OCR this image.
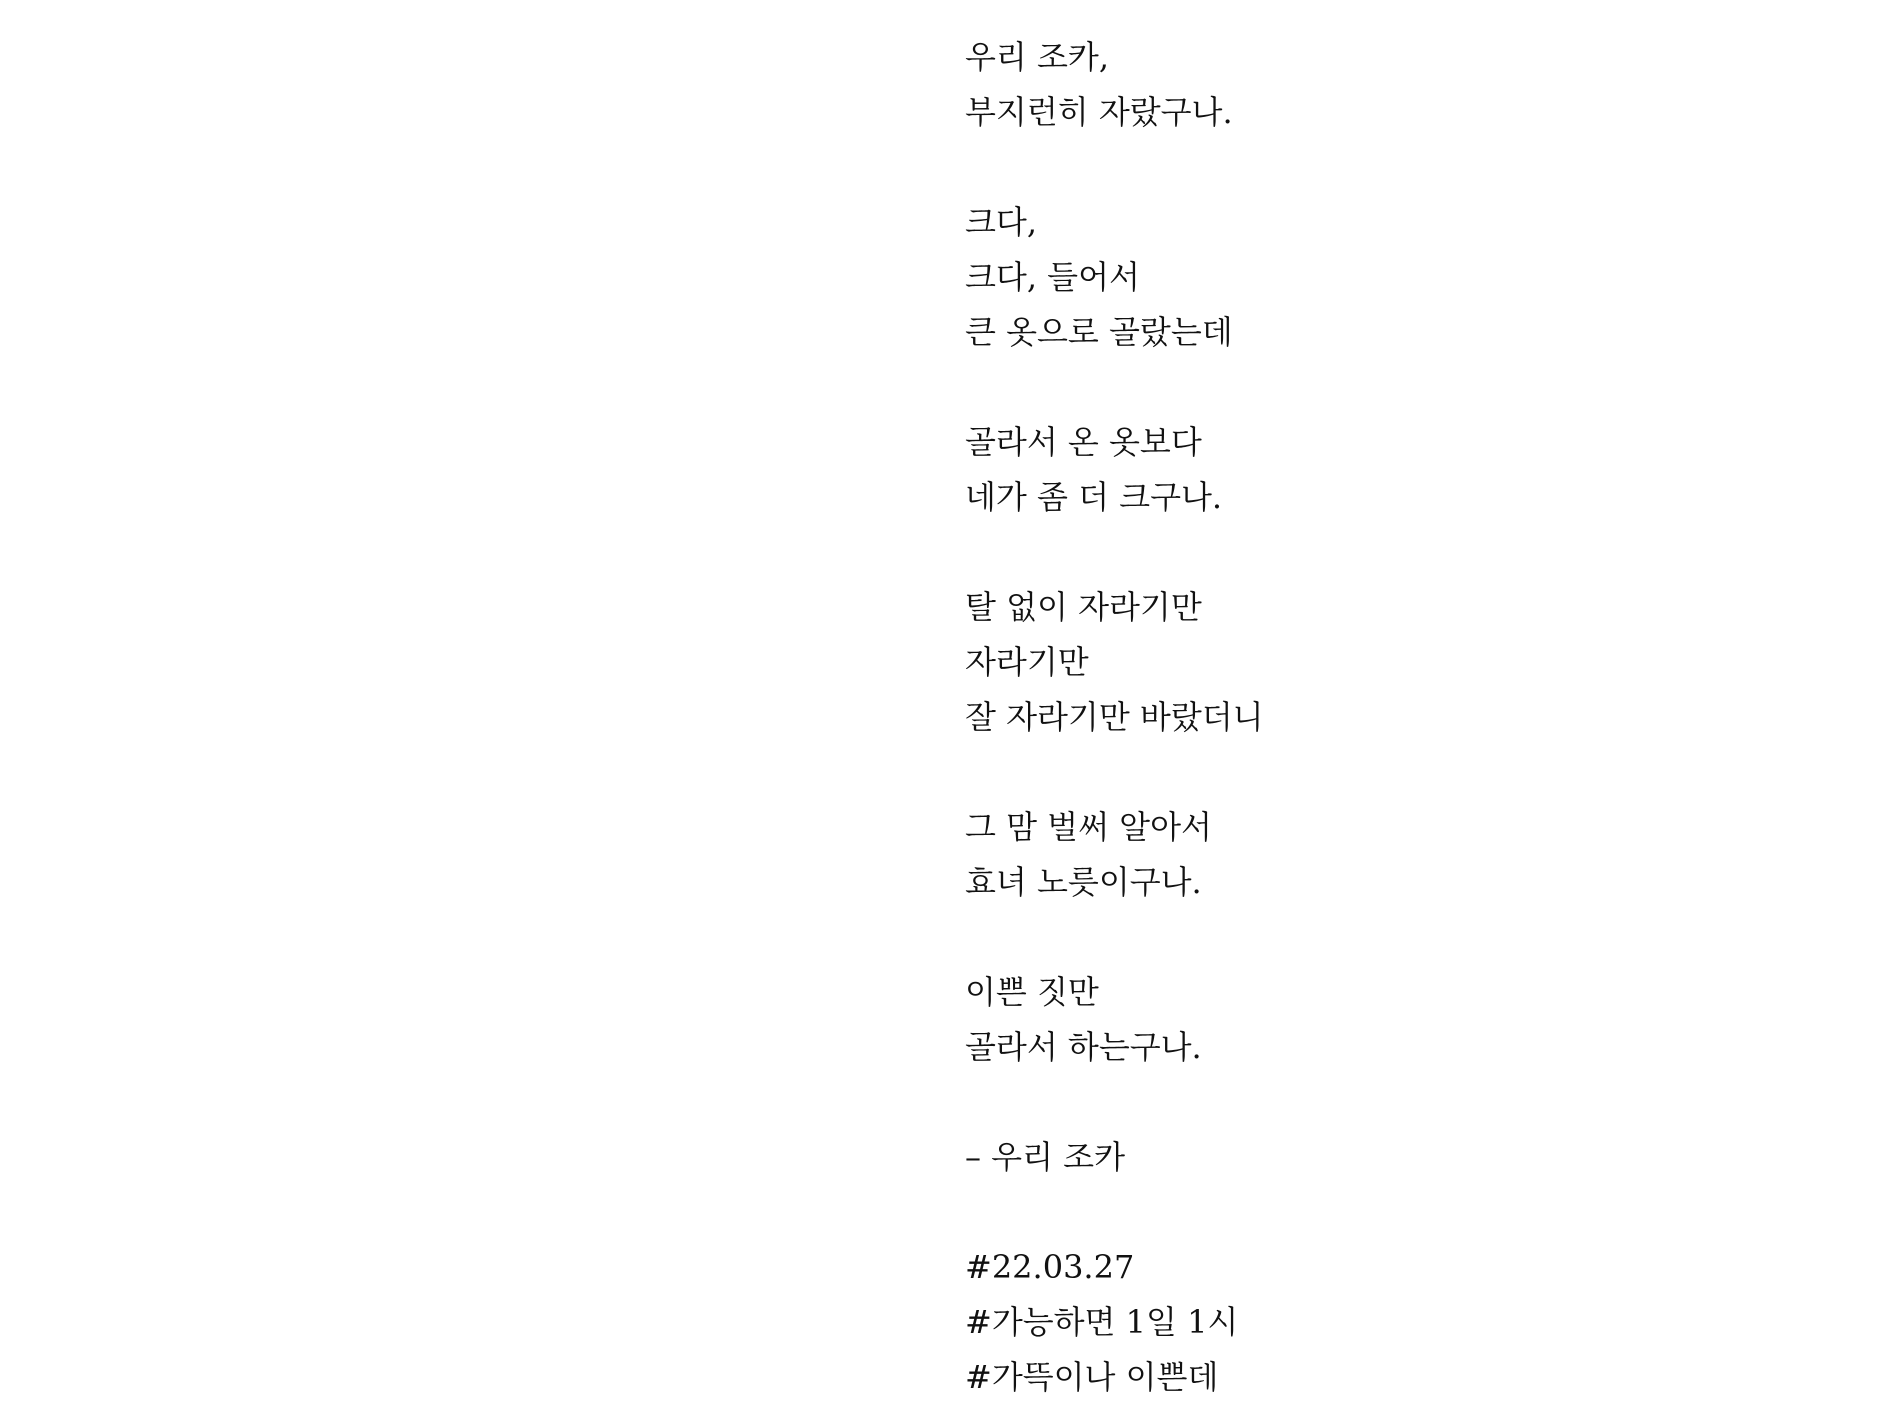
우리 조카,
부지런히 자랐구나.
크다,
크다, 들어서
큰 옷으로 골랐는데
골라서 온 옷보다
네가 좀 더 크구나.
탈 없이 자라기만
자라기만
잘 자라기만 바랐더니
그 맘 벌써 알아서
효녀 노릇이구나.
이쁜 짓만
골라서 하는구나.
– 우리 조카
#22.03.27
#가능하면 1일 1시
#가뜩이나 이쁜데
